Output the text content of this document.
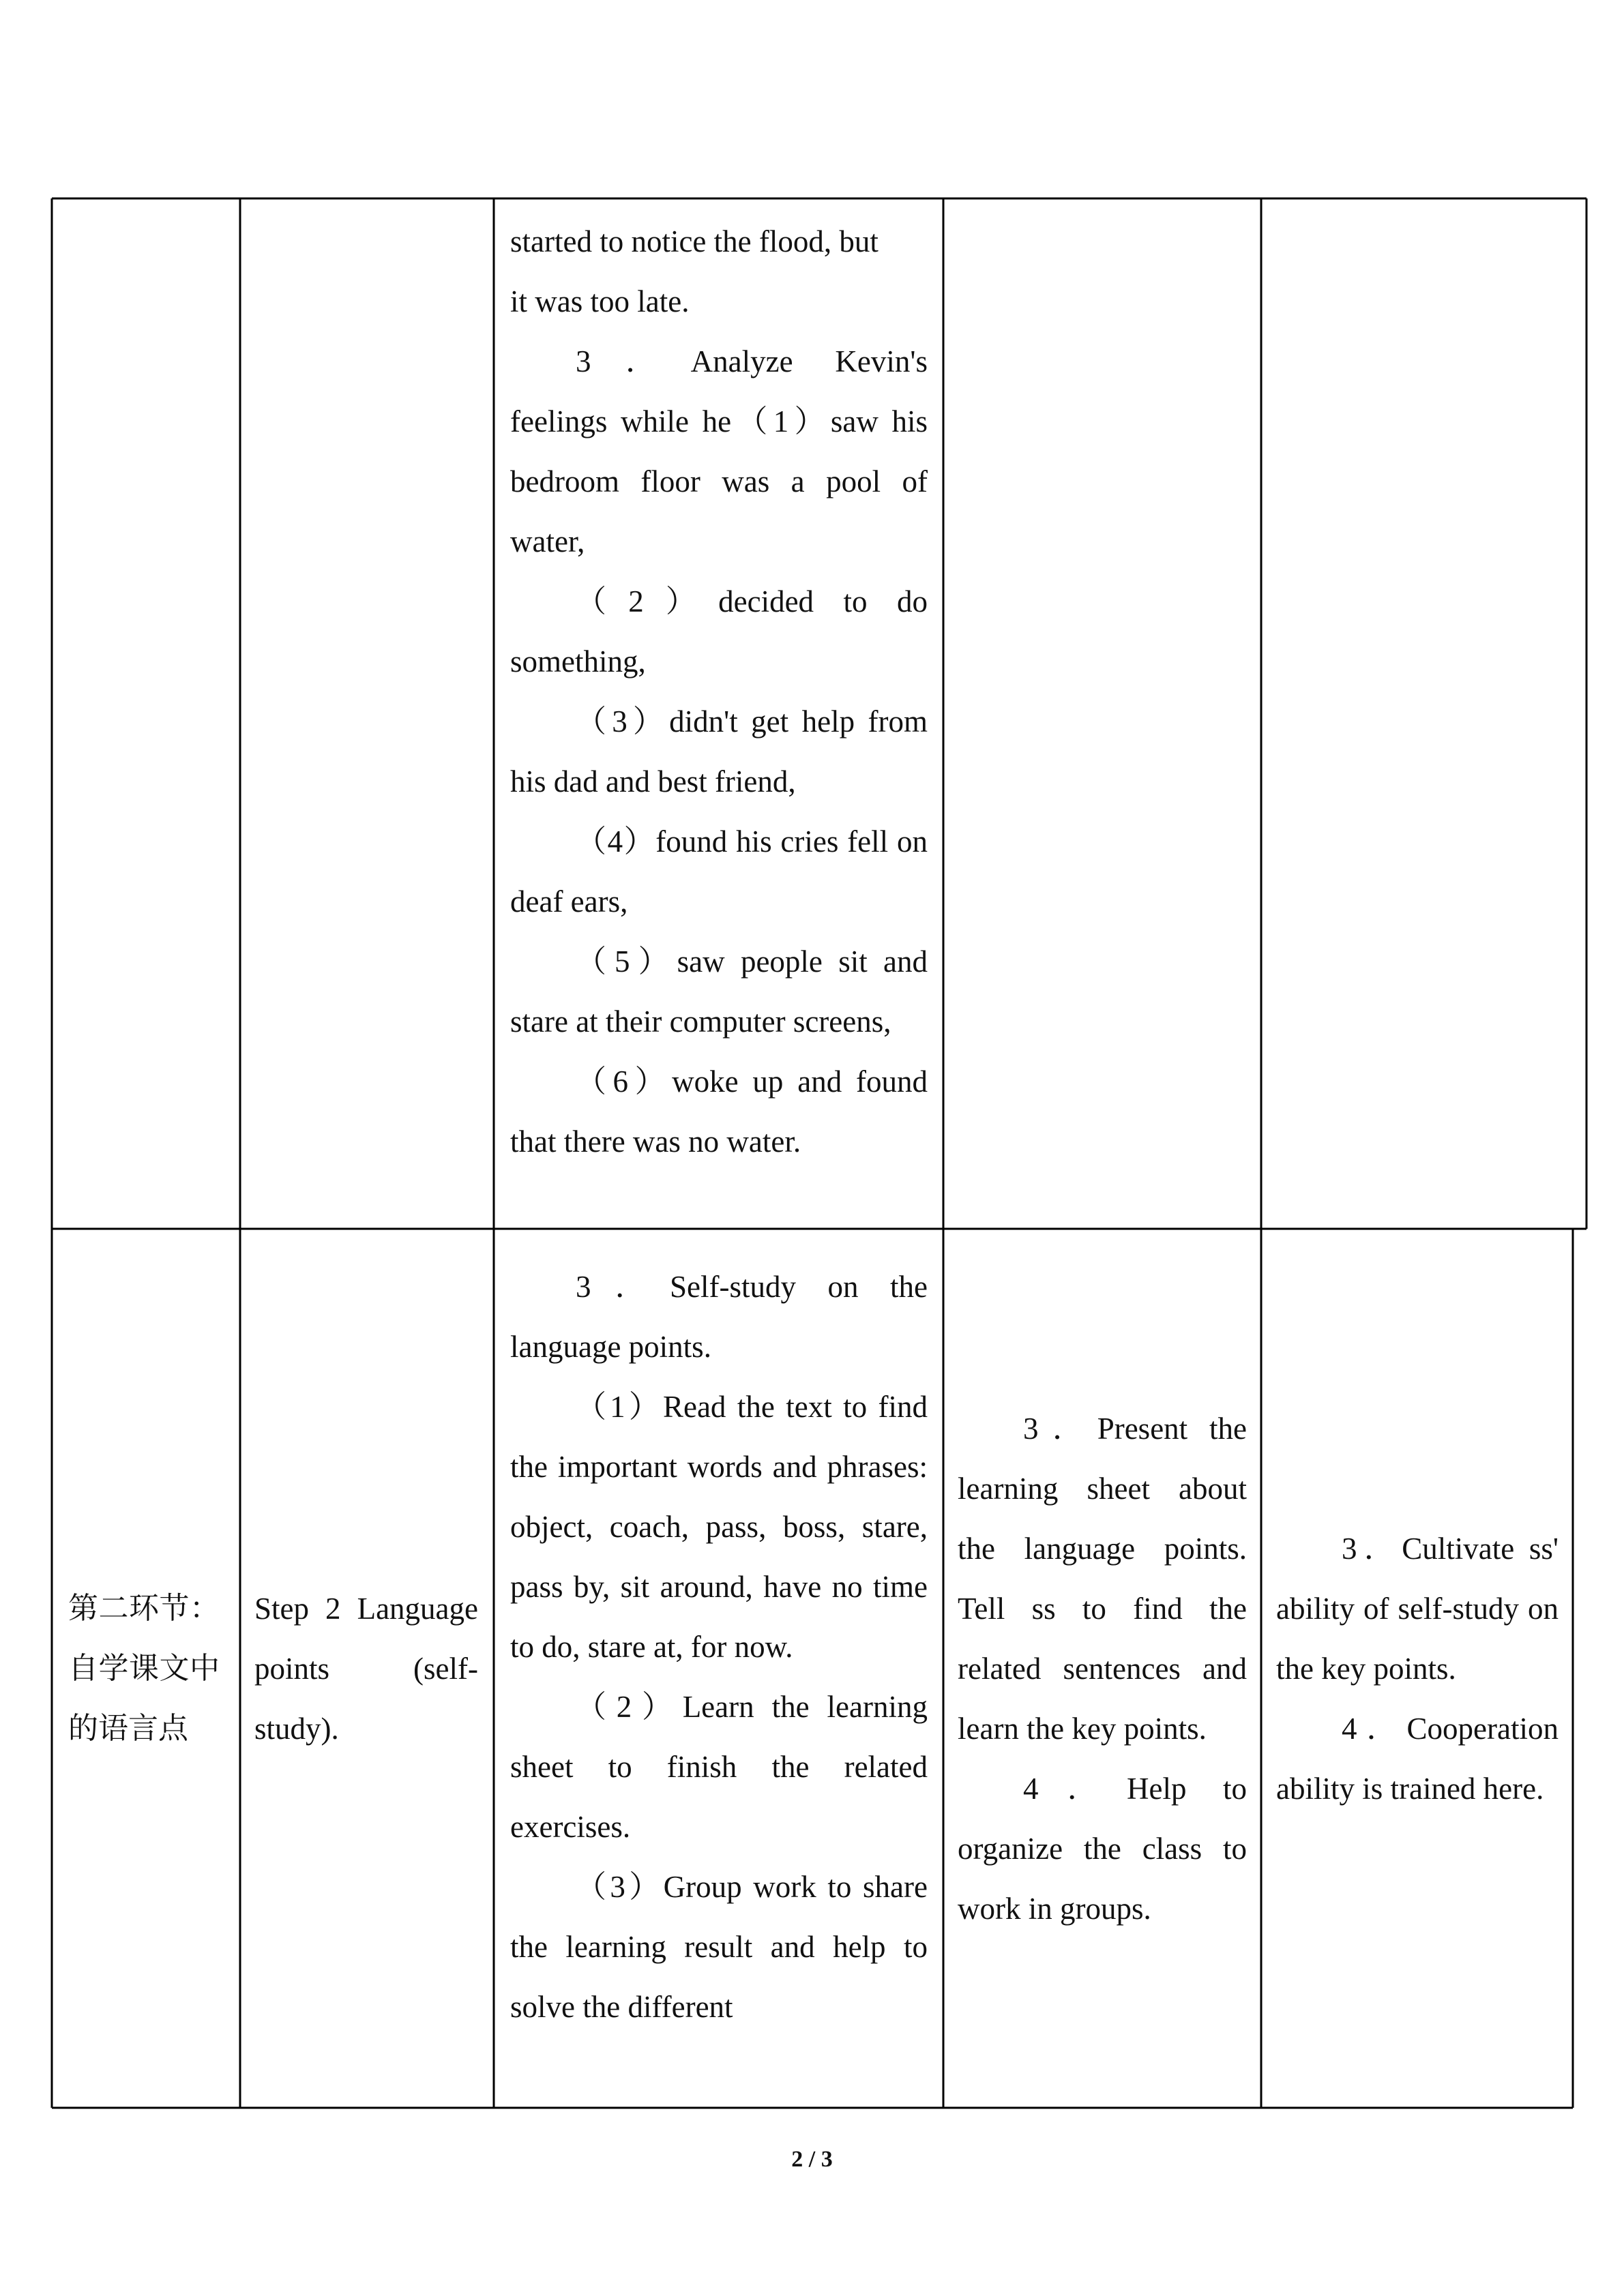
started to notice the flood, but

it was too late.

3．Analyze Kevin's feelings while he（1）saw his bedroom floor was a pool of water,

（2）decided to do something,

（3）didn't get help from his dad and best friend,

（4）found his cries fell on deaf ears,

（5）saw people sit and stare at their computer screens,

（6）woke up and found that there was no water.

第二环节：自学课文中的语言点

Step 2 Language points (self-study).

3．Self-study on the language points.

（1）Read the text to find the important words and phrases: object, coach, pass, boss, stare, pass by, sit around, have no time to do, stare at, for now.

（2）Learn the learning sheet to finish the related exercises.

（3）Group work to share the learning result and help to solve the different

3．Present the learning sheet about the language points. Tell ss to find the related sentences and learn the key points.

4．Help to organize the class to work in groups.

3．Cultivate ss' ability of self-study on the key points.

4．Cooperation ability is trained here.

2 / 3
